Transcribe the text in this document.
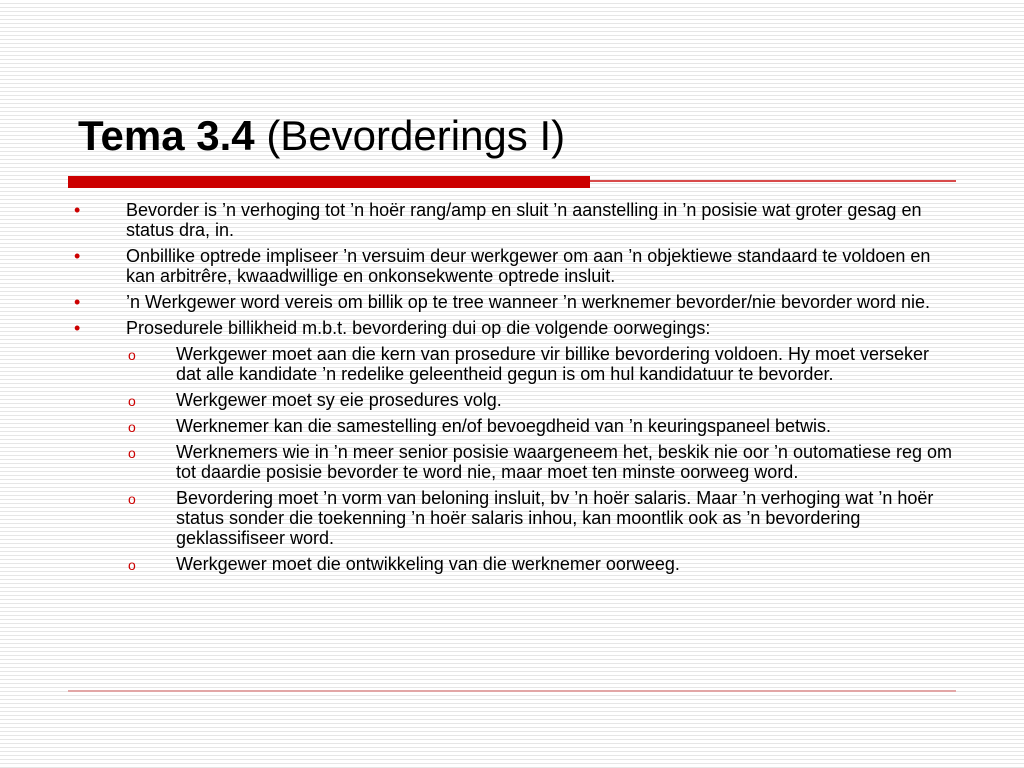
Tema 3.4 (Bevorderings I)
•	Bevorder is ’n verhoging tot ’n hoër rang/amp en sluit ’n aanstelling in ’n posisie wat groter gesag en status dra, in.
•	Onbillike optrede impliseer ’n versuim deur werkgewer om aan ’n objektiewe standaard te voldoen en kan arbitrêre, kwaadwillige en onkonsekwente optrede insluit.
•	’n Werkgewer word vereis om billik op te tree wanneer ’n werknemer bevorder/nie bevorder word nie.
•	Prosedurele billikheid m.b.t. bevordering dui op die volgende oorwegings:
o Werkgewer moet aan die kern van prosedure vir billike bevordering voldoen. Hy moet verseker dat alle kandidate ’n redelike geleentheid gegun is om hul kandidatuur te bevorder.
o Werkgewer moet sy eie prosedures volg.
o Werknemer kan die samestelling en/of bevoegdheid van ’n keuringspaneel betwis.
o Werknemers wie in ’n meer senior posisie waargeneem het, beskik nie oor ’n outomatiese reg om tot daardie posisie bevorder te word nie, maar moet ten minste oorweeg word.
o Bevordering moet ’n vorm van beloning insluit, bv ’n hoër salaris. Maar ’n verhoging wat ’n hoër status sonder die toekenning ’n hoër salaris inhou, kan moontlik ook as ’n bevordering geklassifiseer word.
o Werkgewer moet die ontwikkeling van die werknemer oorweeg.
